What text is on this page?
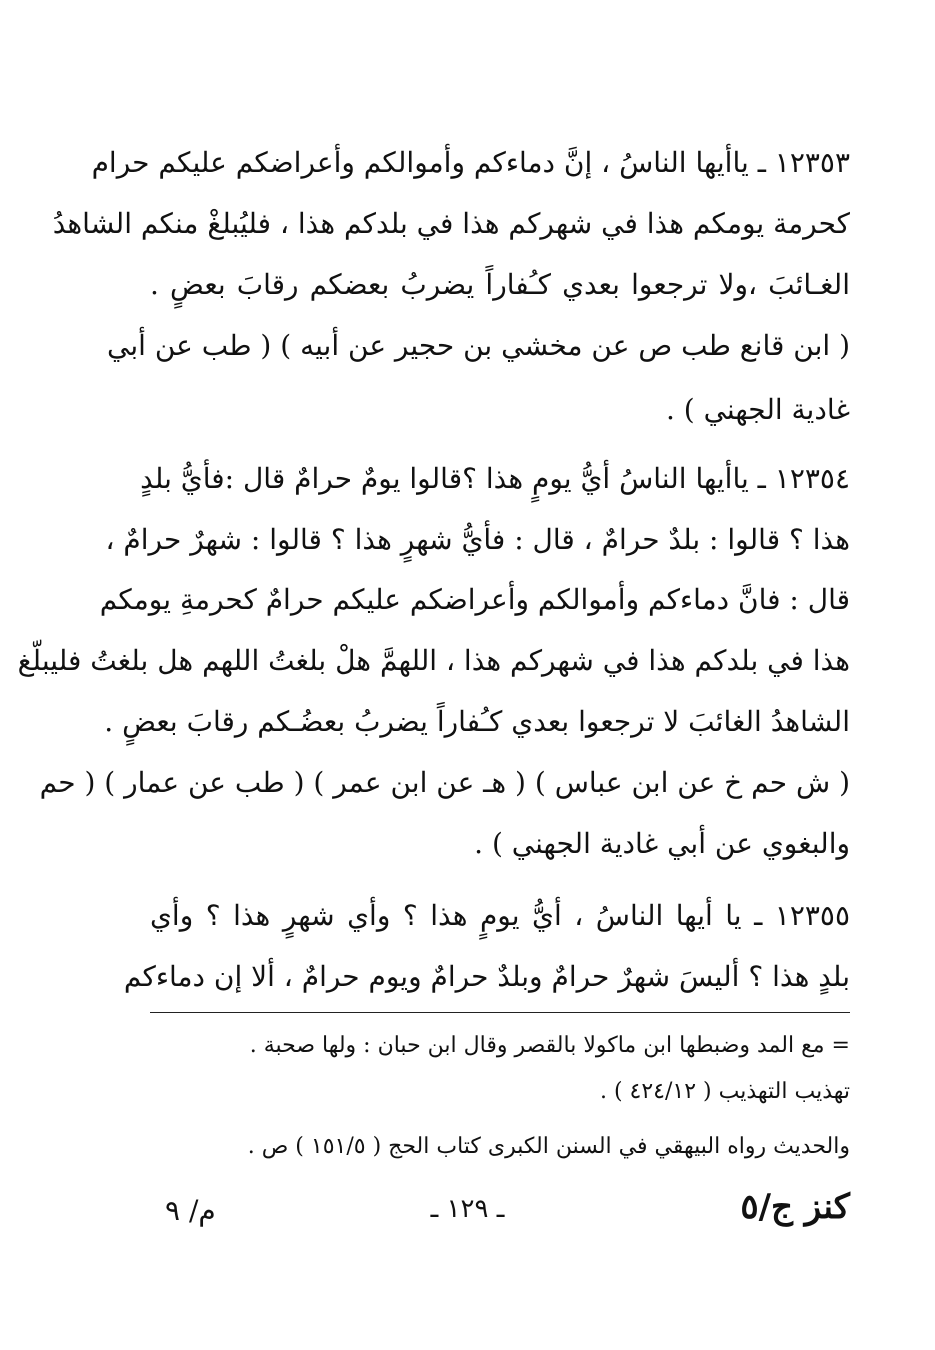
١٢٣٥٣ ـ ياأيها الناسُ ، إنَّ دماءكم وأموالكم وأعراضكم عليكم حرام
كحرمة يومكم هذا في شهركم هذا في بلدكم هذا ، فليُبلغْ منكم الشاهدُ
الغـائبَ ،ولا ترجعوا بعدي كـُفاراً يضربُ بعضكم رقابَ بعضٍ .
( ابن قانع طب ص عن مخشي بن حجير عن أبيه ) ( طب عن أبي
غادية الجهني ) .
١٢٣٥٤ ـ ياأيها الناسُ أيُّ يومٍ هذا ؟قالوا يومٌ حرامٌ قال :فأيُّ بلدٍ
هذا ؟ قالوا : بلدٌ حرامٌ ، قال : فأيُّ شهرٍ هذا ؟ قالوا : شهرٌ حرامٌ ،
قال : فانَّ دماءكم وأموالكم وأعراضكم عليكم حرامٌ كحرمةِ يومكم
هذا في بلدكم هذا في شهركم هذا ، اللهمَّ هلْ بلغتُ اللهم هل بلغتُ فليبلّغ
الشاهدُ الغائبَ لا ترجعوا بعدي كـُفاراً يضربُ بعضُـكم رقابَ بعضٍ .
( ش حم خ عن ابن عباس ) ( هـ عن ابن عمر ) ( طب عن عمار ) ( حم
والبغوي عن أبي غادية الجهني ) .
١٢٣٥٥ ـ يا أيها الناسُ ، أيُّ يومٍ هذا ؟ وأي شهرٍ هذا ؟ وأي
بلدٍ هذا ؟ أليسَ شهرٌ حرامٌ وبلدٌ حرامٌ ويوم حرامٌ ، ألا إن دماءكم
= مع المد وضبطها ابن ماكولا بالقصر وقال ابن حبان : ولها صحبة .
تهذيب التهذيب ( ٤٢٤/١٢ ) .
والحديث رواه البيهقي في السنن الكبرى كتاب الحج ( ١٥١/٥ ) ص .
كنز ج/٥
ـ ١٢٩ ـ
م/ ٩
